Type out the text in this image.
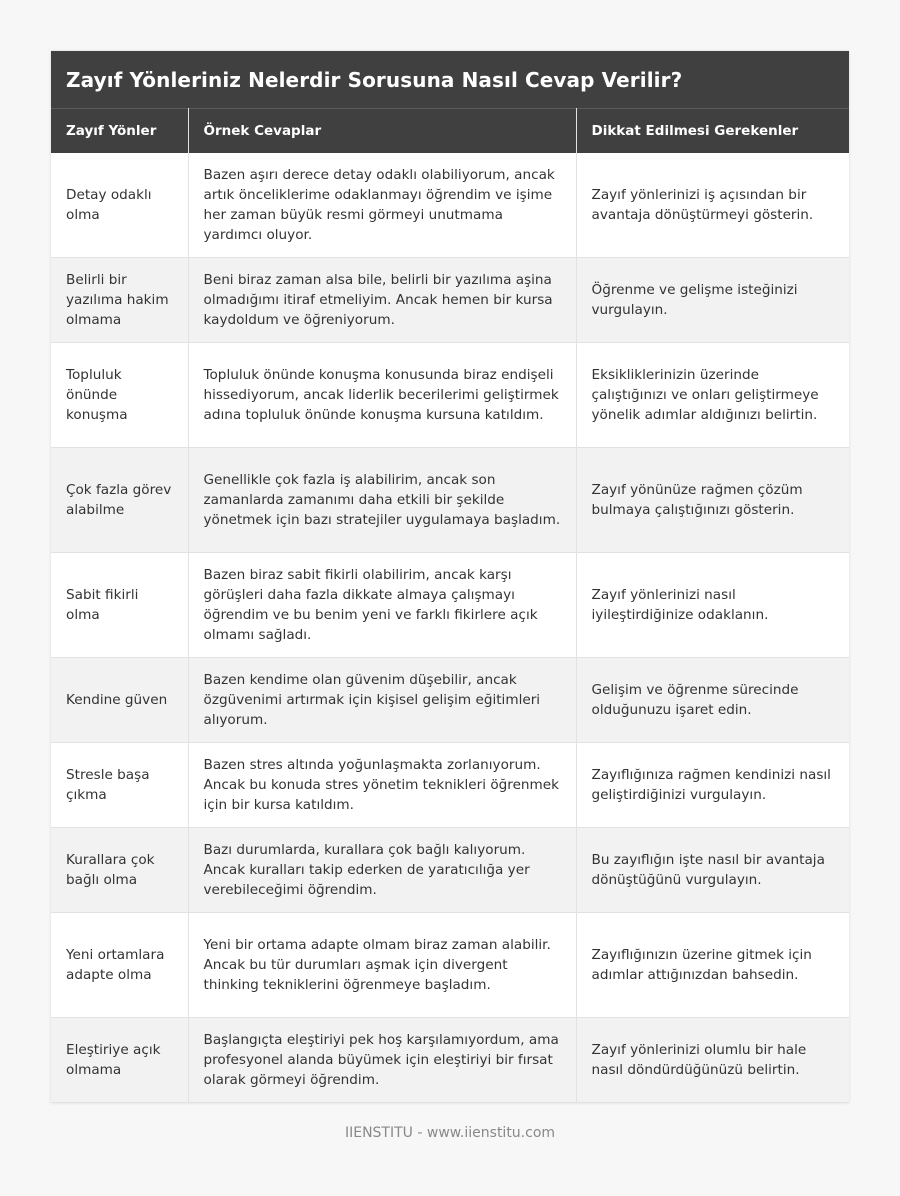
Zayıf Yönleriniz Nelerdir Sorusuna Nasıl Cevap Verilir?
Zayıf Yönler	Örnek Cevaplar	Dikkat Edilmesi Gerekenler
Detay odaklı olma	Bazen aşırı derece detay odaklı olabiliyorum, ancak artık önceliklerime odaklanmayı öğrendim ve işime her zaman büyük resmi görmeyi unutmama yardımcı oluyor.	Zayıf yönlerinizi iş açısından bir avantaja dönüştürmeyi gösterin.
Belirli bir yazılıma hakim olmama	Beni biraz zaman alsa bile, belirli bir yazılıma aşina olmadığımı itiraf etmeliyim. Ancak hemen bir kursa kaydoldum ve öğreniyorum.	Öğrenme ve gelişme isteğinizi vurgulayın.
Topluluk önünde konuşma	Topluluk önünde konuşma konusunda biraz endişeli hissediyorum, ancak liderlik becerilerimi geliştirmek adına topluluk önünde konuşma kursuna katıldım.	Eksikliklerinizin üzerinde çalıştığınızı ve onları geliştirmeye yönelik adımlar aldığınızı belirtin.
Çok fazla görev alabilme	Genellikle çok fazla iş alabilirim, ancak son zamanlarda zamanımı daha etkili bir şekilde yönetmek için bazı stratejiler uygulamaya başladım.	Zayıf yönünüze rağmen çözüm bulmaya çalıştığınızı gösterin.
Sabit fikirli olma	Bazen biraz sabit fikirli olabilirim, ancak karşı görüşleri daha fazla dikkate almaya çalışmayı öğrendim ve bu benim yeni ve farklı fikirlere açık olmamı sağladı.	Zayıf yönlerinizi nasıl iyileştirdiğinize odaklanın.
Kendine güven	Bazen kendime olan güvenim düşebilir, ancak özgüvenimi artırmak için kişisel gelişim eğitimleri alıyorum.	Gelişim ve öğrenme sürecinde olduğunuzu işaret edin.
Stresle başa çıkma	Bazen stres altında yoğunlaşmakta zorlanıyorum. Ancak bu konuda stres yönetim teknikleri öğrenmek için bir kursa katıldım.	Zayıflığınıza rağmen kendinizi nasıl geliştirdiğinizi vurgulayın.
Kurallara çok bağlı olma	Bazı durumlarda, kurallara çok bağlı kalıyorum. Ancak kuralları takip ederken de yaratıcılığa yer verebileceğimi öğrendim.	Bu zayıflığın işte nasıl bir avantaja dönüştüğünü vurgulayın.
Yeni ortamlara adapte olma	Yeni bir ortama adapte olmam biraz zaman alabilir. Ancak bu tür durumları aşmak için divergent thinking tekniklerini öğrenmeye başladım.	Zayıflığınızın üzerine gitmek için adımlar attığınızdan bahsedin.
Eleştiriye açık olmama	Başlangıçta eleştiriyi pek hoş karşılamıyordum, ama profesyonel alanda büyümek için eleştiriyi bir fırsat olarak görmeyi öğrendim.	Zayıf yönlerinizi olumlu bir hale nasıl döndürdüğünüzü belirtin.
IIENSTITU - www.iienstitu.com
